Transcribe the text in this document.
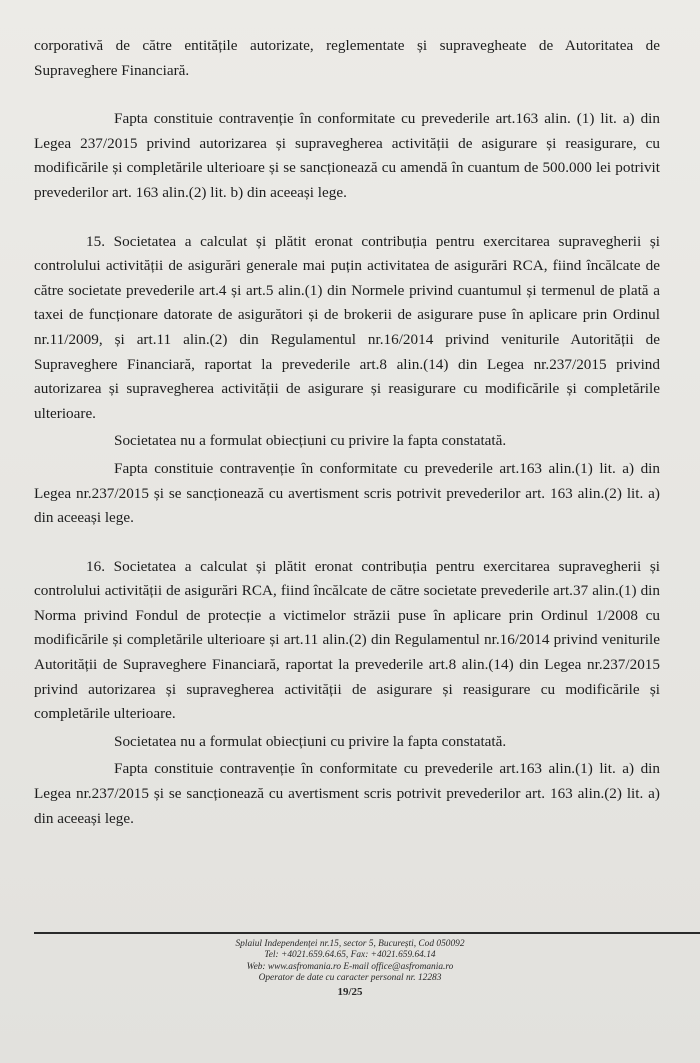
corporativă de către entitățile autorizate, reglementate și supravegheate de Autoritatea de Supraveghere Financiară.

Fapta constituie contravenție în conformitate cu prevederile art.163 alin. (1) lit. a) din Legea 237/2015 privind autorizarea și supravegherea activității de asigurare și reasigurare, cu modificările și completările ulterioare și se sancționează cu amendă în cuantum de 500.000 lei potrivit prevederilor art. 163 alin.(2) lit. b) din aceeași lege.

15. Societatea a calculat și plătit eronat contribuția pentru exercitarea supravegherii și controlului activității de asigurări generale mai puțin activitatea de asigurări RCA, fiind încălcate de către societate prevederile art.4 și art.5 alin.(1) din Normele privind cuantumul și termenul de plată a taxei de funcționare datorate de asigurători și de brokerii de asigurare puse în aplicare prin Ordinul nr.11/2009, și art.11 alin.(2) din Regulamentul nr.16/2014 privind veniturile Autorității de Supraveghere Financiară, raportat la prevederile art.8 alin.(14) din Legea nr.237/2015 privind autorizarea și supravegherea activității de asigurare și reasigurare cu modificările și completările ulterioare.

Societatea nu a formulat obiecțiuni cu privire la fapta constatată.

Fapta constituie contravenție în conformitate cu prevederile art.163 alin.(1) lit. a) din Legea nr.237/2015 și se sancționează cu avertisment scris potrivit prevederilor art. 163 alin.(2) lit. a) din aceeași lege.

16. Societatea a calculat și plătit eronat contribuția pentru exercitarea supravegherii și controlului activității de asigurări RCA, fiind încălcate de către societate prevederile art.37 alin.(1) din Norma privind Fondul de protecție a victimelor străzii puse în aplicare prin Ordinul 1/2008 cu modificările și completările ulterioare și art.11 alin.(2) din Regulamentul nr.16/2014 privind veniturile Autorității de Supraveghere Financiară, raportat la prevederile art.8 alin.(14) din Legea nr.237/2015 privind autorizarea și supravegherea activității de asigurare și reasigurare cu modificările și completările ulterioare.

Societatea nu a formulat obiecțiuni cu privire la fapta constatată.

Fapta constituie contravenție în conformitate cu prevederile art.163 alin.(1) lit. a) din Legea nr.237/2015 și se sancționează cu avertisment scris potrivit prevederilor art. 163 alin.(2) lit. a) din aceeași lege.

Splaiul Independenței nr.15, sector 5, București, Cod 050092
Tel: +4021.659.64.65, Fax: +4021.659.64.14
Web: www.asfromania.ro E-mail office@asfromania.ro
Operator de date cu caracter personal nr. 12283
19/25
